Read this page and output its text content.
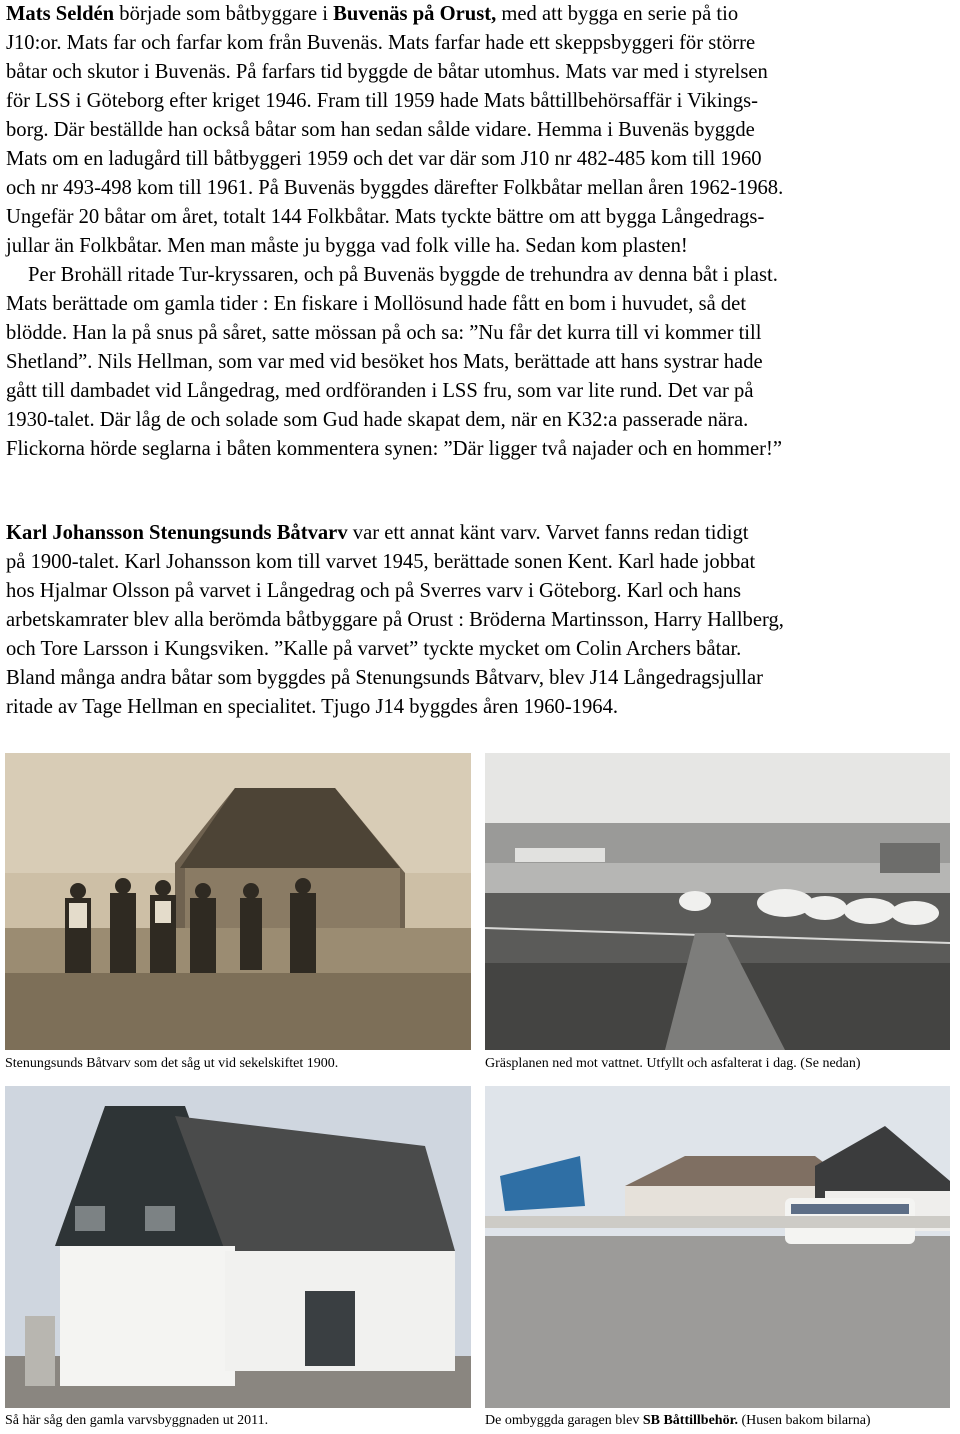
Mats Seldén började som båtbyggare i Buvenäs på Orust, med att bygga en serie på tio

J10:or. Mats far och farfar kom från Buvenäs. Mats farfar hade ett skeppsbyggeri för större

båtar och skutor i Buvenäs. På farfars tid byggde de båtar utomhus. Mats var med i styrelsen

för LSS i Göteborg efter kriget 1946. Fram till 1959 hade Mats båttillbehörsaffär i Vikings-

borg. Där beställde han också båtar som han sedan sålde vidare. Hemma i Buvenäs byggde

Mats om en ladugård till båtbyggeri 1959 och det var där som J10 nr 482-485 kom till 1960

och nr 493-498 kom till 1961. På Buvenäs byggdes därefter Folkbåtar mellan åren 1962-1968.

Ungefär 20 båtar om året, totalt 144 Folkbåtar. Mats tyckte bättre om att bygga Långedrags-

jullar än Folkbåtar. Men man måste ju bygga vad folk ville ha. Sedan kom plasten!

Per Brohäll ritade Tur-kryssaren, och på Buvenäs byggde de trehundra av denna båt i plast.

Mats berättade om gamla tider : En fiskare i Mollösund hade fått en bom i huvudet, så det

blödde. Han la på snus på såret, satte mössan på och sa: ”Nu får det kurra till vi kommer till

Shetland”. Nils Hellman, som var med vid besöket hos Mats, berättade att hans systrar hade

gått till dambadet vid Långedrag, med ordföranden i LSS fru, som var lite rund. Det var på

1930-talet. Där låg de och solade som Gud hade skapat dem, när en K32:a passerade nära.

Flickorna hörde seglarna i båten kommentera synen: ”Där ligger två najader och en hommer!”

Karl Johansson Stenungsunds Båtvarv var ett annat känt varv. Varvet fanns redan tidigt

på 1900-talet. Karl Johansson kom till varvet 1945, berättade sonen Kent. Karl hade jobbat

hos Hjalmar Olsson på varvet i Långedrag och på Sverres varv i Göteborg. Karl och hans

arbetskamrater blev alla berömda båtbyggare på Orust : Bröderna Martinsson, Harry Hallberg,

och Tore Larsson i Kungsviken. ”Kalle på varvet” tyckte mycket om Colin Archers båtar.

Bland många andra båtar som byggdes på Stenungsunds Båtvarv, blev J14 Långedragsjullar

ritade av Tage Hellman en specialitet. Tjugo J14 byggdes åren 1960-1964.

Stenungsunds Båtvarv som det såg ut vid sekelskiftet 1900.	Gräsplanen ned mot vattnet. Utfyllt och asfalterat i dag. (Se nedan)
Så här såg den gamla varvsbyggnaden ut 2011.	De ombyggda garagen blev SB Båttillbehör. (Husen bakom bilarna)
